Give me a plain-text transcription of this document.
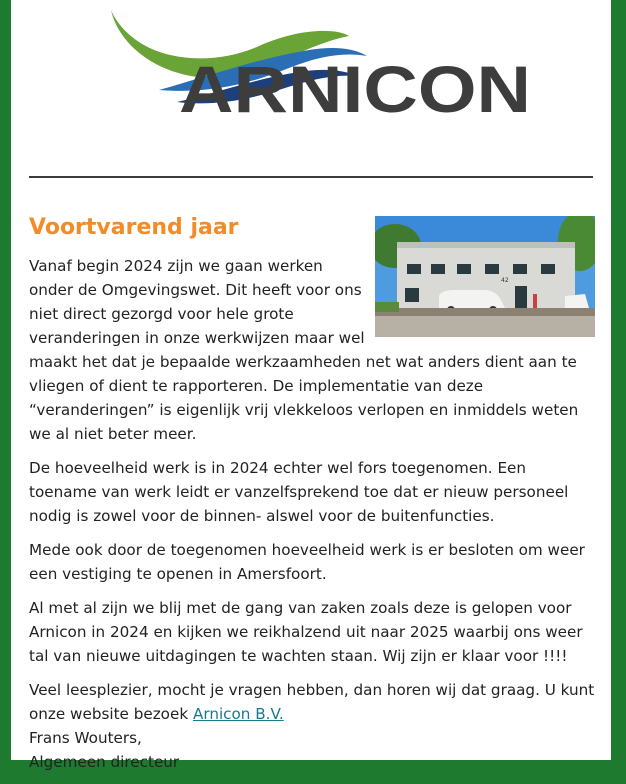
ARNICON
42
Voortvarend jaar

Vanaf begin 2024 zijn we gaan werken onder de Omgevingswet. Dit heeft voor ons niet direct gezorgd voor hele grote veranderingen in onze werkwijzen maar wel maakt het dat je bepaalde werkzaamheden net wat anders dient aan te vliegen of dient te rapporteren. De implementatie van deze “veranderingen” is eigenlijk vrij vlekkeloos verlopen en inmiddels weten we al niet beter meer.

De hoeveelheid werk is in 2024 echter wel fors toegenomen. Een toename van werk leidt er vanzelfsprekend toe dat er nieuw personeel nodig is zowel voor de binnen- alswel voor de buitenfuncties.

Mede ook door de toegenomen hoeveelheid werk is er besloten om weer een vestiging te openen in Amersfoort.

Al met al zijn we blij met de gang van zaken zoals deze is gelopen voor Arnicon in 2024 en kijken we reikhalzend uit naar 2025 waarbij ons weer tal van nieuwe uitdagingen te wachten staan. Wij zijn er klaar voor !!!!

Veel leesplezier, mocht je vragen hebben, dan horen wij dat graag. U kunt onze website bezoek Arnicon B.V.
Frans Wouters,
Algemeen directeur
